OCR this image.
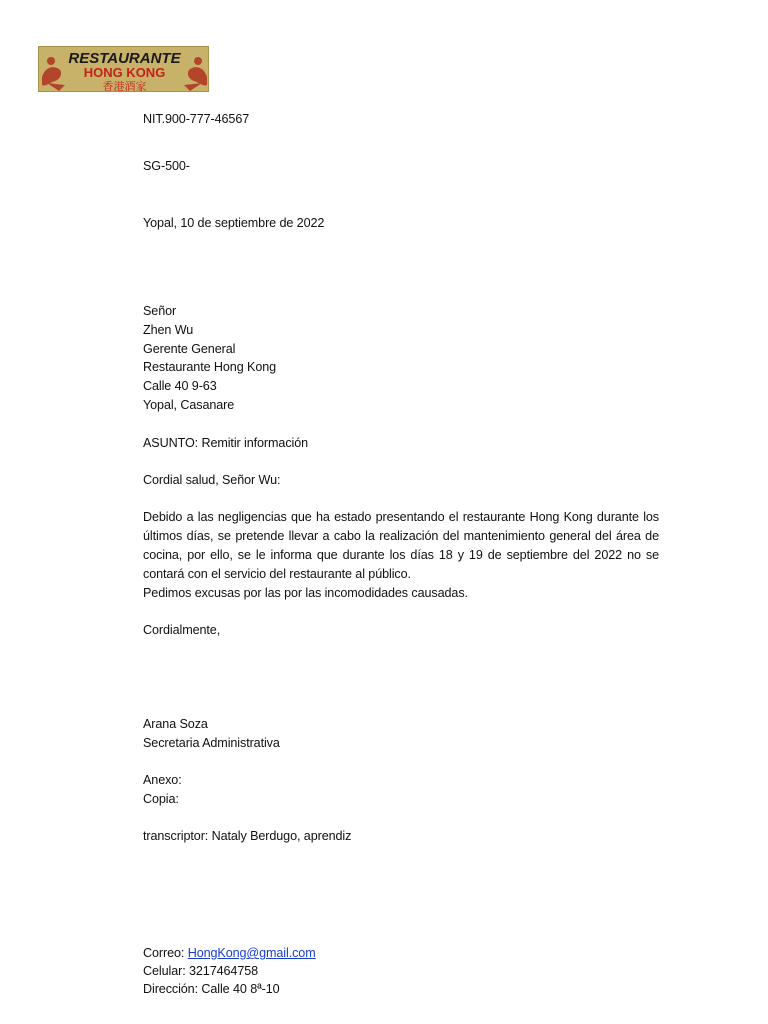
RESTAURANTE
HONG KONG
香港酒家
NIT.900-777-46567
SG-500-
Yopal, 10 de septiembre de 2022
Señor
Zhen Wu
Gerente General
Restaurante Hong Kong
Calle 40 9-63
Yopal, Casanare
ASUNTO: Remitir información
Cordial salud, Señor Wu:

Debido a las negligencias que ha estado presentando el restaurante Hong Kong durante los últimos días, se pretende llevar a cabo la realización del mantenimiento general del área de cocina, por ello, se le informa que durante los días 18 y 19 de septiembre del 2022 no se contará con el servicio del restaurante al público.

Pedimos excusas por las por las incomodidades causadas.

Cordialmente,
Arana Soza
Secretaria Administrativa
Anexo:
Copia:
transcriptor: Nataly Berdugo, aprendiz
Correo: HongKong@gmail.com
Celular: 3217464758
Dirección: Calle 40 8ª-10
